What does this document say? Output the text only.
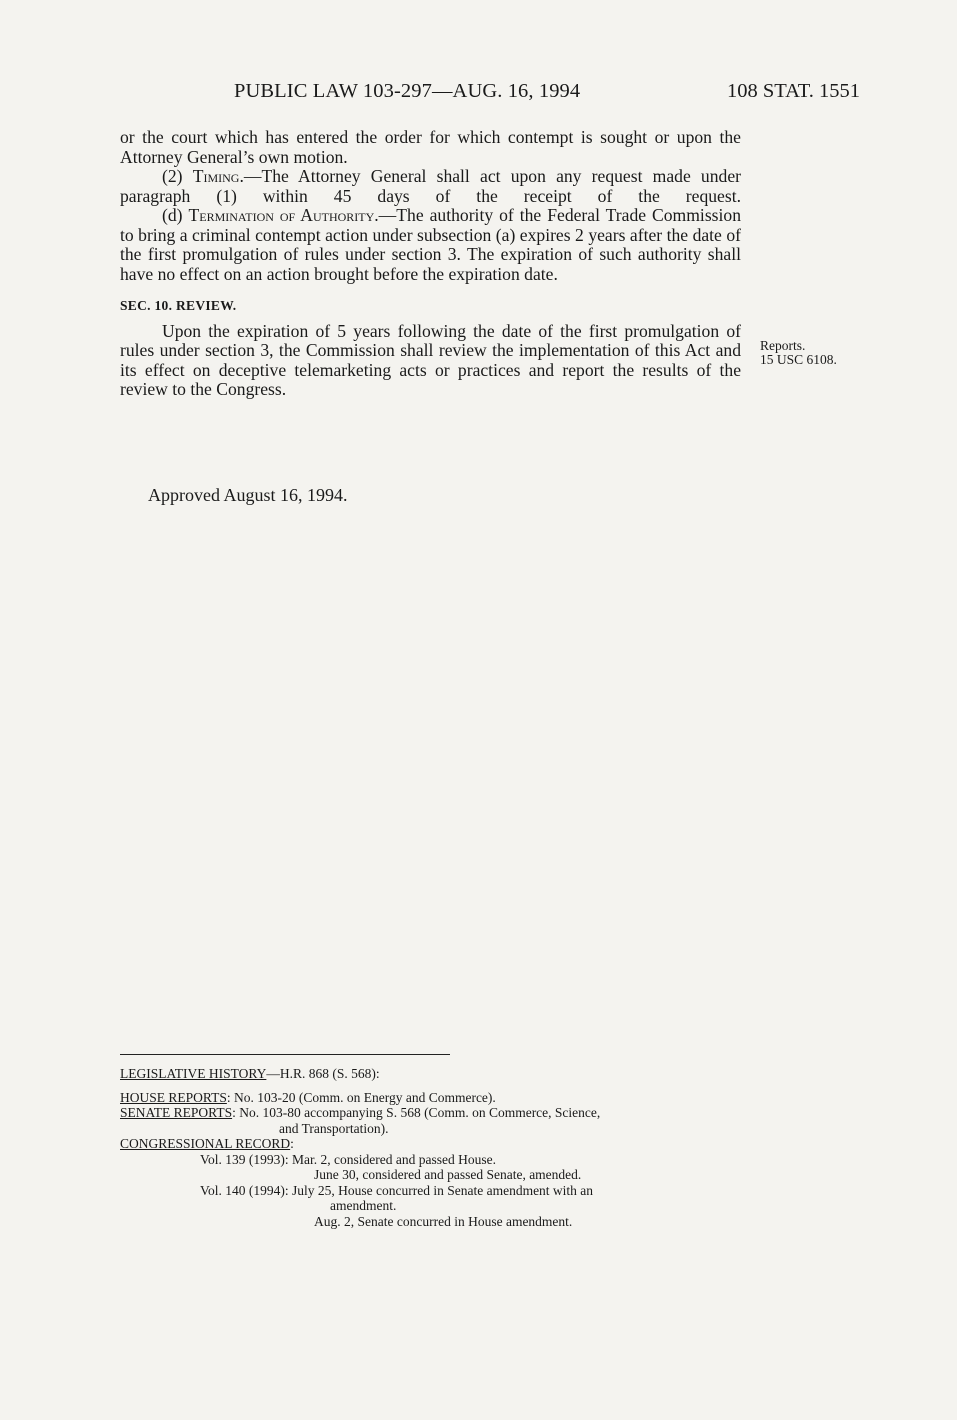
PUBLIC LAW 103-297—AUG. 16, 1994	108 STAT. 1551

or the court which has entered the order for which contempt is sought or upon the Attorney General’s own motion.

(2) Timing.—The Attorney General shall act upon any request made under paragraph (1) within 45 days of the receipt of the request.

(d) Termination of Authority.—The authority of the Federal Trade Commission to bring a criminal contempt action under subsection (a) expires 2 years after the date of the first promulgation of rules under section 3. The expiration of such authority shall have no effect on an action brought before the expiration date.

SEC. 10. REVIEW.

Upon the expiration of 5 years following the date of the first promulgation of rules under section 3, the Commission shall review the implementation of this Act and its effect on deceptive telemarketing acts or practices and report the results of the review to the Congress.

Reports.
15 USC 6108.
Approved August 16, 1994.

LEGISLATIVE HISTORY—H.R. 868 (S. 568):

HOUSE REPORTS: No. 103-20 (Comm. on Energy and Commerce).

SENATE REPORTS: No. 103-80 accompanying S. 568 (Comm. on Commerce, Science,

and Transportation).

CONGRESSIONAL RECORD:

Vol. 139 (1993): Mar. 2, considered and passed House.

June 30, considered and passed Senate, amended.

Vol. 140 (1994): July 25, House concurred in Senate amendment with an

amendment.

Aug. 2, Senate concurred in House amendment.
